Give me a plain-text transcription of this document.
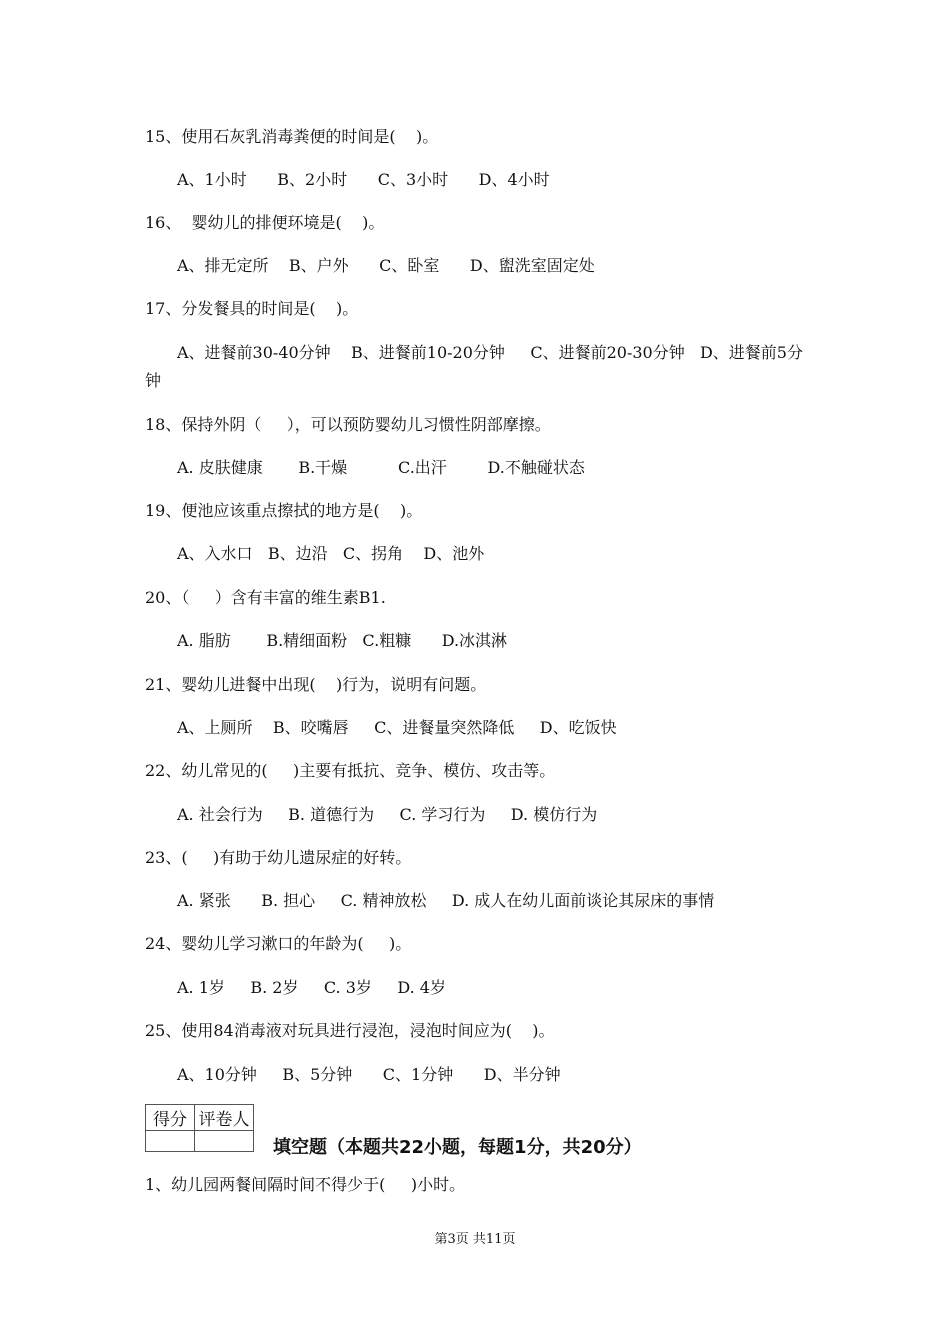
15、使用石灰乳消毒粪便的时间是(    )。
A、1小时      B、2小时      C、3小时      D、4小时
16、  婴幼儿的排便环境是(    )。
A、排无定所    B、户外      C、卧室      D、盥洗室固定处
17、分发餐具的时间是(    )。
A、进餐前30-40分钟    B、进餐前10-20分钟     C、进餐前20-30分钟   D、进餐前5分
钟
18、保持外阴（     ），可以预防婴幼儿习惯性阴部摩擦。
A. 皮肤健康       B.干燥          C.出汗        D.不触碰状态
19、便池应该重点擦拭的地方是(    )。
A、入水口   B、边沿   C、拐角    D、池外
20、（     ）含有丰富的维生素B1.
A. 脂肪       B.精细面粉   C.粗糠      D.冰淇淋
21、婴幼儿进餐中出现(    )行为，说明有问题。
A、上厕所    B、咬嘴唇     C、进餐量突然降低     D、吃饭快
22、幼儿常见的(     )主要有抵抗、竞争、模仿、攻击等。
A. 社会行为     B. 道德行为     C. 学习行为     D. 模仿行为
23、(     )有助于幼儿遗尿症的好转。
A. 紧张      B. 担心     C. 精神放松     D. 成人在幼儿面前谈论其尿床的事情
24、婴幼儿学习漱口的年龄为(     )。
A. 1岁     B. 2岁     C. 3岁     D. 4岁
25、使用84消毒液对玩具进行浸泡，浸泡时间应为(    )。
A、10分钟     B、5分钟      C、1分钟      D、半分钟
得分	评卷人

填空题（本题共22小题，每题1分，共20分）
1、幼儿园两餐间隔时间不得少于(     )小时。
第3页 共11页
